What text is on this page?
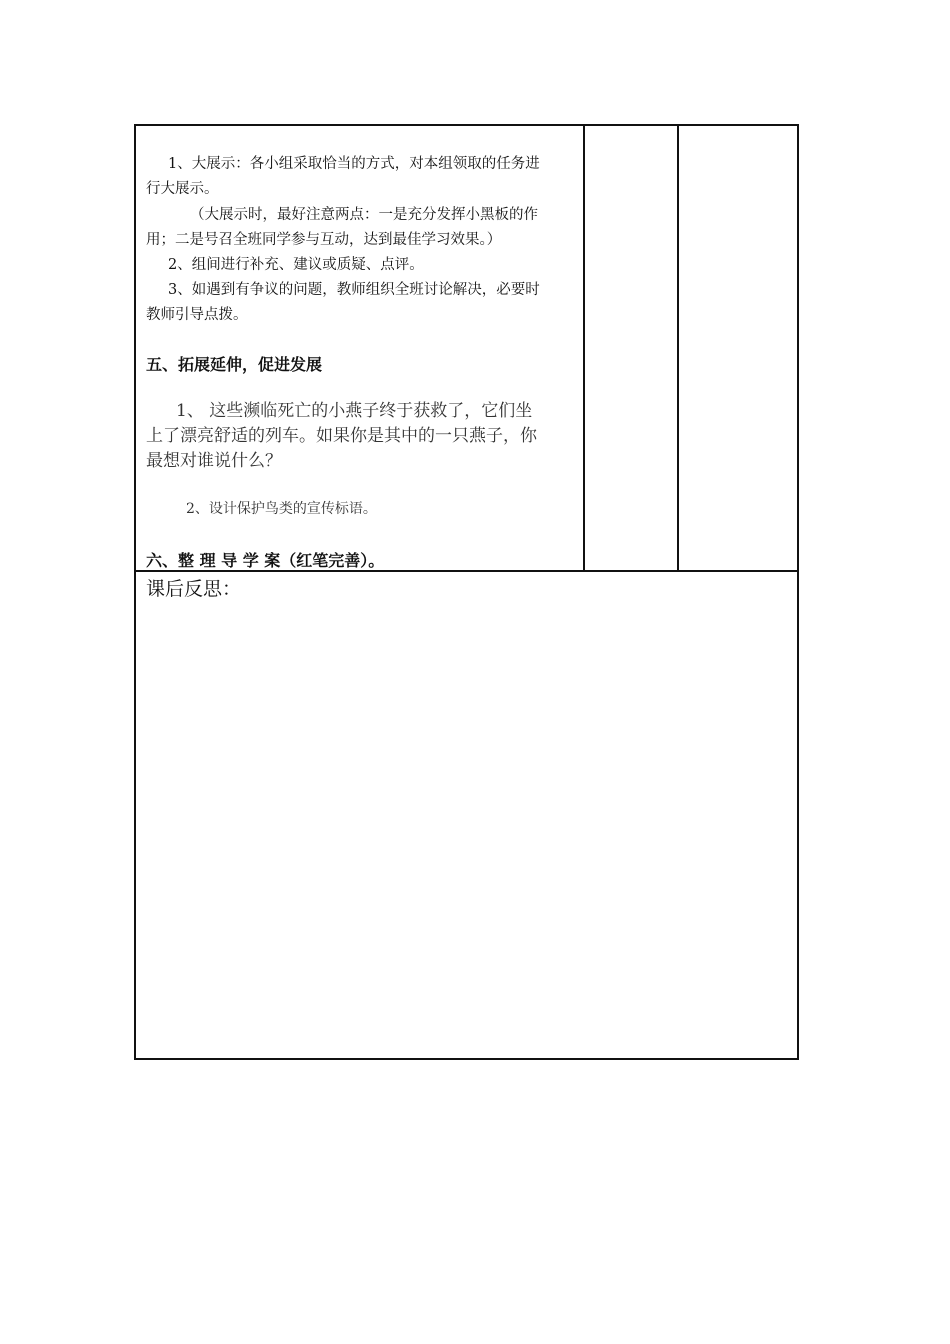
1、大展示：各小组采取恰当的方式，对本组领取的任务进
行大展示。
（大展示时，最好注意两点：一是充分发挥小黑板的作
用；二是号召全班同学参与互动，达到最佳学习效果。）
2、组间进行补充、建议或质疑、点评。
3、如遇到有争议的问题，教师组织全班讨论解决，必要时
教师引导点拨。
五、拓展延伸，促进发展
1、 这些濒临死亡的小燕子终于获救了，它们坐
上了漂亮舒适的列车。如果你是其中的一只燕子，你
最想对谁说什么？
2、设计保护鸟类的宣传标语。
六、整 理 导 学 案（红笔完善）。
课后反思：
